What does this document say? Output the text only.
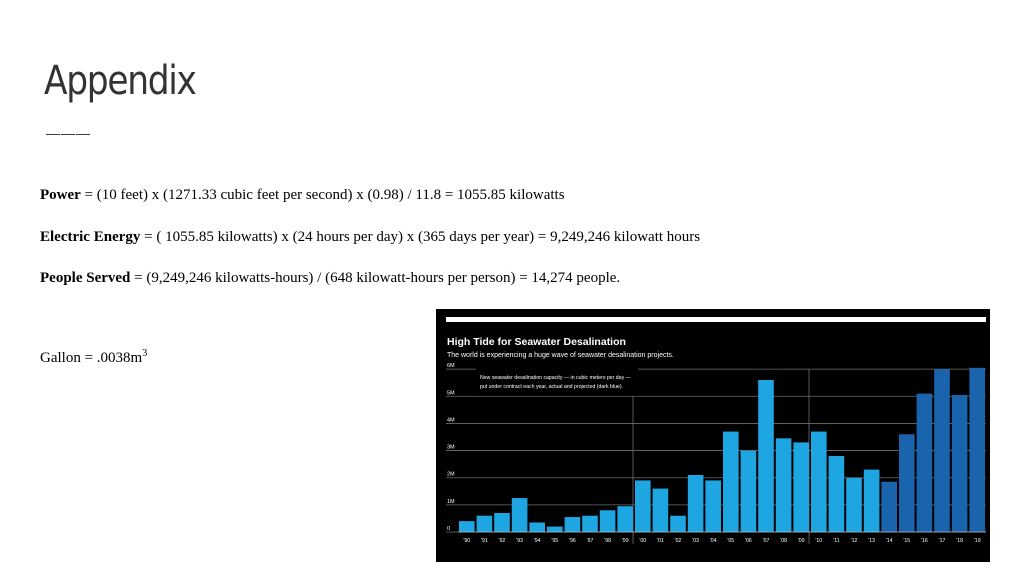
Appendix
———

Power = (10 feet) x (1271.33 cubic feet per second) x (0.98) / 11.8 = 1055.85 kilowatts

Electric Energy = ( 1055.85 kilowatts) x (24 hours per day) x (365 days per year) = 9,249,246 kilowatt hours

People Served = (9,249,246 kilowatts-hours) / (648 kilowatt-hours per person) = 14,274 people.

Gallon = $.0038m^3$

High Tide for Seawater Desalination
The world is experiencing a huge wave of seawater desalination projects.
0
1M
2M
3M
4M
5M
6M
New seawater desalination capacity — in cubic meters per day —
put under contract each year, actual and projected (dark blue).
'90 '91 '92 '93 '94 '95 '96 '97 '98 '99 '00 '01 '02 '03 '04 '05 '06 '07 '08 '09 '10 '11 '12 '13 '14 '15 '16 '17 '18 '19
